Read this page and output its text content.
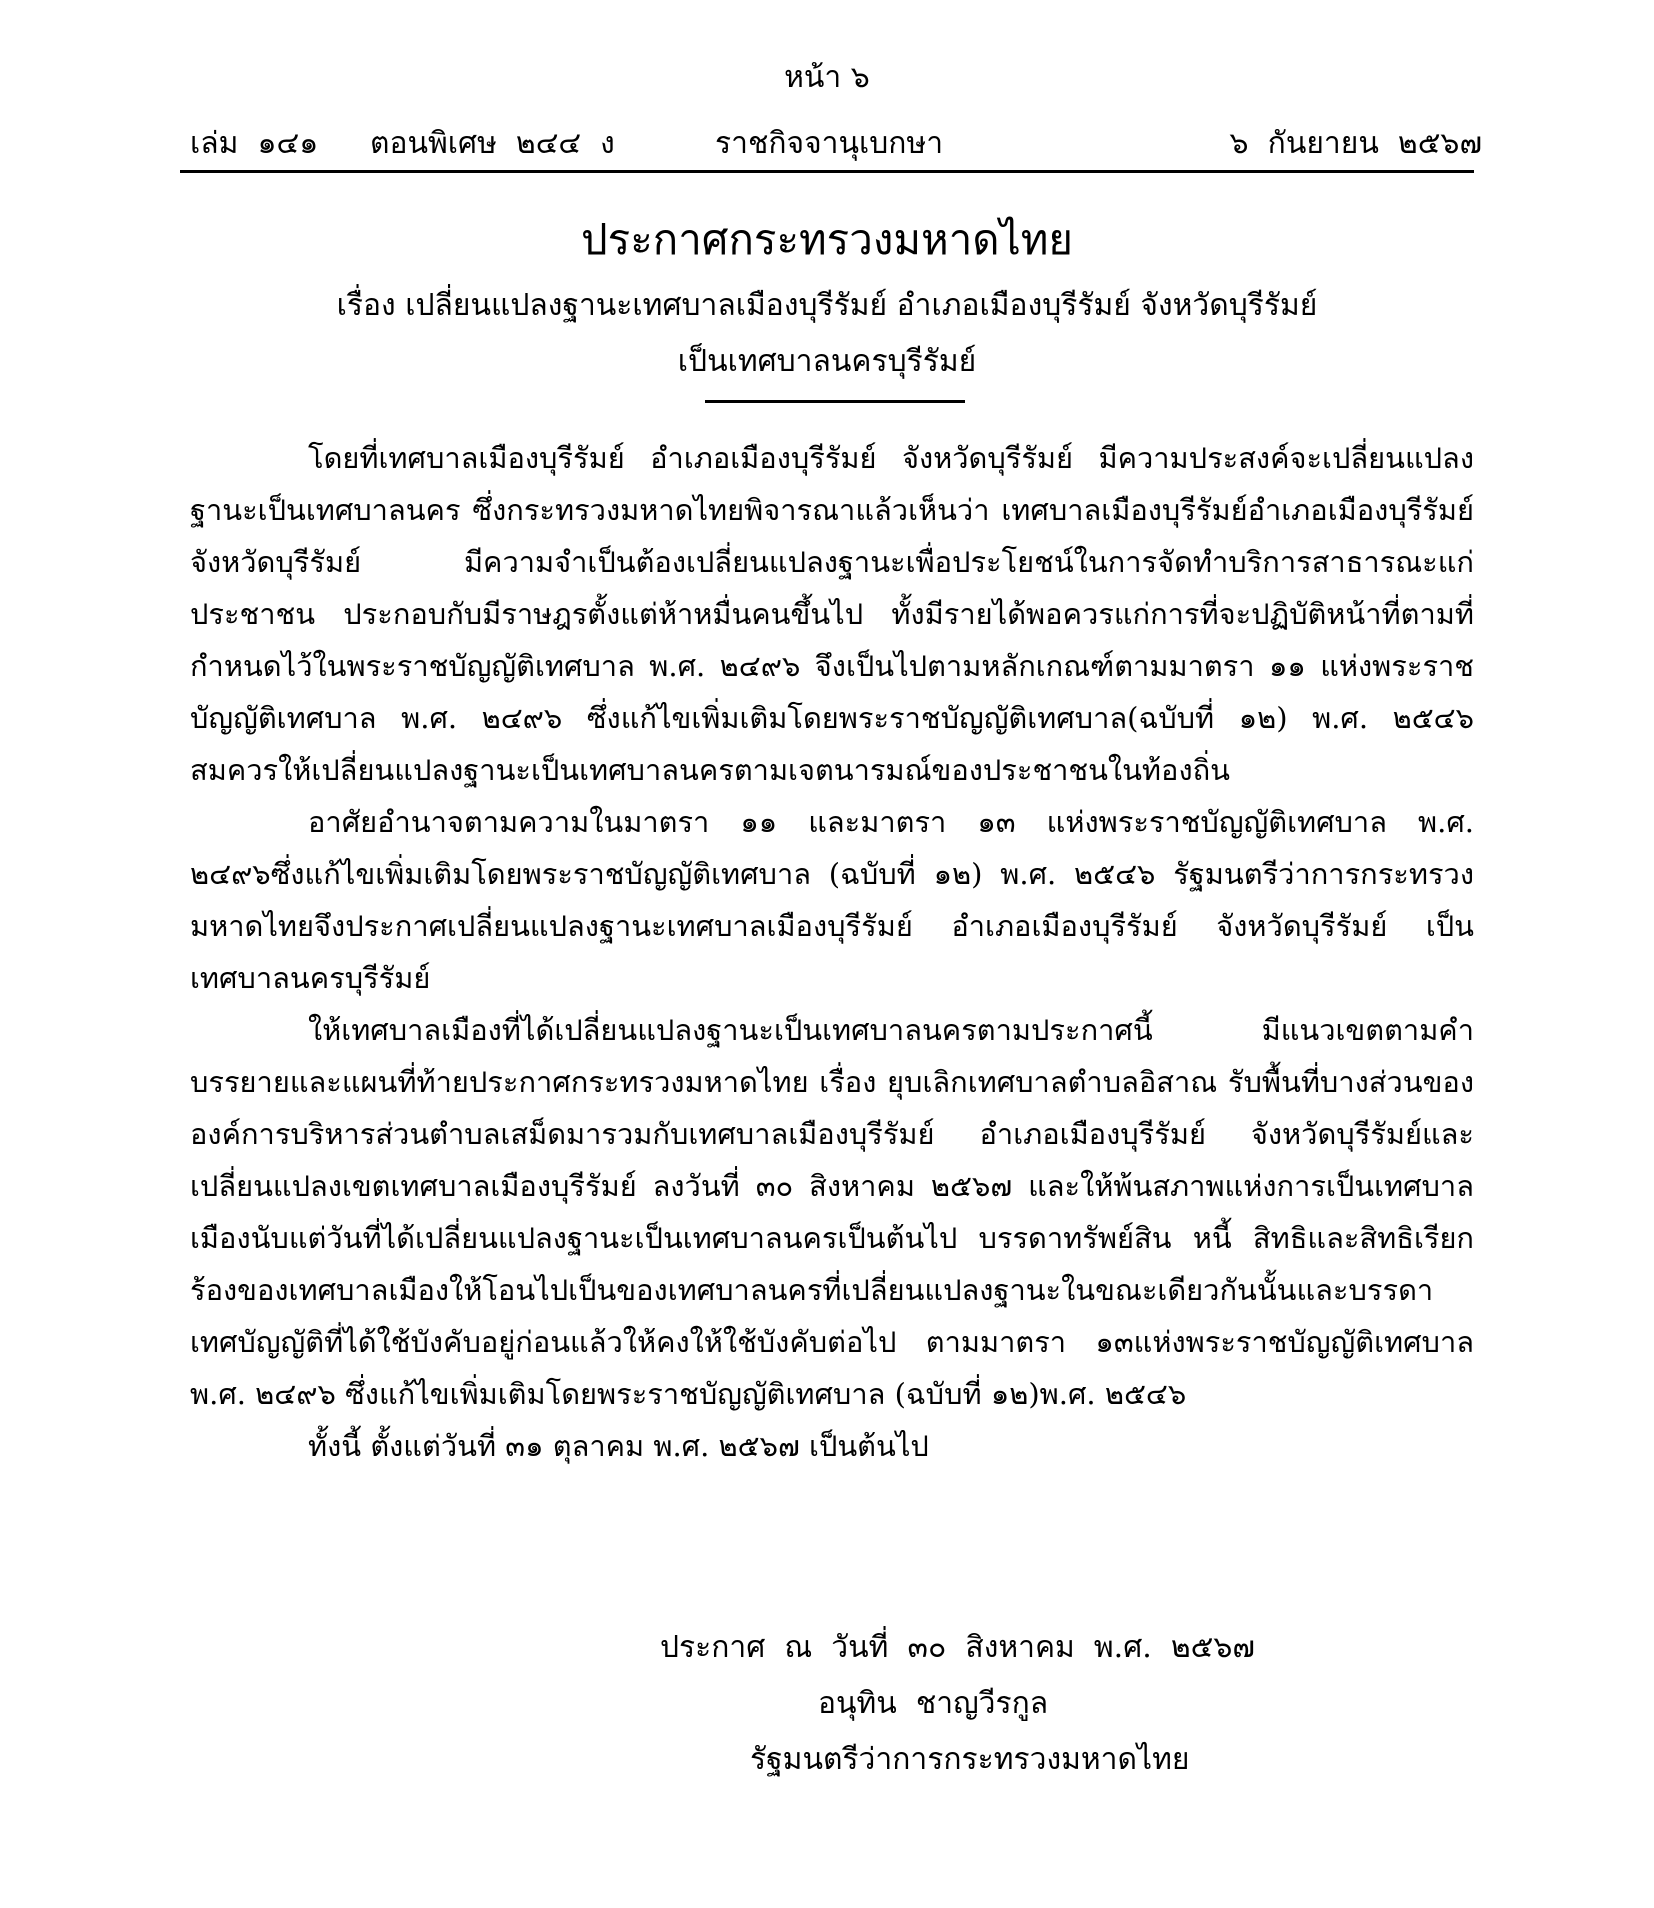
หน้า ๖
เล่ม  ๑๔๑ ตอนพิเศษ  ๒๔๔  ง	ราชกิจจานุเบกษา	๖  กันยายน  ๒๕๖๗
ประกาศกระทรวงมหาดไทย
เรื่อง เปลี่ยนแปลงฐานะเทศบาลเมืองบุรีรัมย์ อำเภอเมืองบุรีรัมย์ จังหวัดบุรีรัมย์
เป็นเทศบาลนครบุรีรัมย์

โดยที่เทศบาลเมืองบุรีรัมย์ อำเภอเมืองบุรีรัมย์ จังหวัดบุรีรัมย์ มีความประสงค์จะเปลี่ยนแปลงฐานะเป็นเทศบาลนคร ซึ่งกระทรวงมหาดไทยพิจารณาแล้วเห็นว่า เทศบาลเมืองบุรีรัมย์อำเภอเมืองบุรีรัมย์ จังหวัดบุรีรัมย์ มีความจำเป็นต้องเปลี่ยนแปลงฐานะเพื่อประโยชน์ในการจัดทำบริการสาธารณะแก่ประชาชน ประกอบกับมีราษฎรตั้งแต่ห้าหมื่นคนขึ้นไป ทั้งมีรายได้พอควรแก่การที่จะปฏิบัติหน้าที่ตามที่กำหนดไว้ในพระราชบัญญัติเทศบาล พ.ศ. ๒๔๙๖ จึงเป็นไปตามหลักเกณฑ์ตามมาตรา ๑๑ แห่งพระราชบัญญัติเทศบาล พ.ศ. ๒๔๙๖ ซึ่งแก้ไขเพิ่มเติมโดยพระราชบัญญัติเทศบาล(ฉบับที่ ๑๒) พ.ศ. ๒๕๔๖ สมควรให้เปลี่ยนแปลงฐานะเป็นเทศบาลนครตามเจตนารมณ์ของประชาชนในท้องถิ่น

อาศัยอำนาจตามความในมาตรา ๑๑ และมาตรา ๑๓ แห่งพระราชบัญญัติเทศบาล พ.ศ. ๒๔๙๖ซึ่งแก้ไขเพิ่มเติมโดยพระราชบัญญัติเทศบาล (ฉบับที่ ๑๒) พ.ศ. ๒๕๔๖ รัฐมนตรีว่าการกระทรวงมหาดไทยจึงประกาศเปลี่ยนแปลงฐานะเทศบาลเมืองบุรีรัมย์ อำเภอเมืองบุรีรัมย์ จังหวัดบุรีรัมย์ เป็นเทศบาลนครบุรีรัมย์

ให้เทศบาลเมืองที่ได้เปลี่ยนแปลงฐานะเป็นเทศบาลนครตามประกาศนี้ มีแนวเขตตามคำบรรยายและแผนที่ท้ายประกาศกระทรวงมหาดไทย เรื่อง ยุบเลิกเทศบาลตำบลอิสาณ รับพื้นที่บางส่วนขององค์การบริหารส่วนตำบลเสม็ดมารวมกับเทศบาลเมืองบุรีรัมย์ อำเภอเมืองบุรีรัมย์ จังหวัดบุรีรัมย์และเปลี่ยนแปลงเขตเทศบาลเมืองบุรีรัมย์ ลงวันที่ ๓๐ สิงหาคม ๒๕๖๗ และให้พ้นสภาพแห่งการเป็นเทศบาลเมืองนับแต่วันที่ได้เปลี่ยนแปลงฐานะเป็นเทศบาลนครเป็นต้นไป บรรดาทรัพย์สิน หนี้ สิทธิและสิทธิเรียกร้องของเทศบาลเมืองให้โอนไปเป็นของเทศบาลนครที่เปลี่ยนแปลงฐานะในขณะเดียวกันนั้นและบรรดาเทศบัญญัติที่ได้ใช้บังคับอยู่ก่อนแล้วให้คงให้ใช้บังคับต่อไป ตามมาตรา ๑๓แห่งพระราชบัญญัติเทศบาล พ.ศ. ๒๔๙๖ ซึ่งแก้ไขเพิ่มเติมโดยพระราชบัญญัติเทศบาล (ฉบับที่ ๑๒)พ.ศ. ๒๕๔๖

ทั้งนี้ ตั้งแต่วันที่ ๓๑ ตุลาคม พ.ศ. ๒๕๖๗ เป็นต้นไป
ประกาศ  ณ  วันที่  ๓๐  สิงหาคม  พ.ศ.  ๒๕๖๗
อนุทิน  ชาญวีรกูล
รัฐมนตรีว่าการกระทรวงมหาดไทย
